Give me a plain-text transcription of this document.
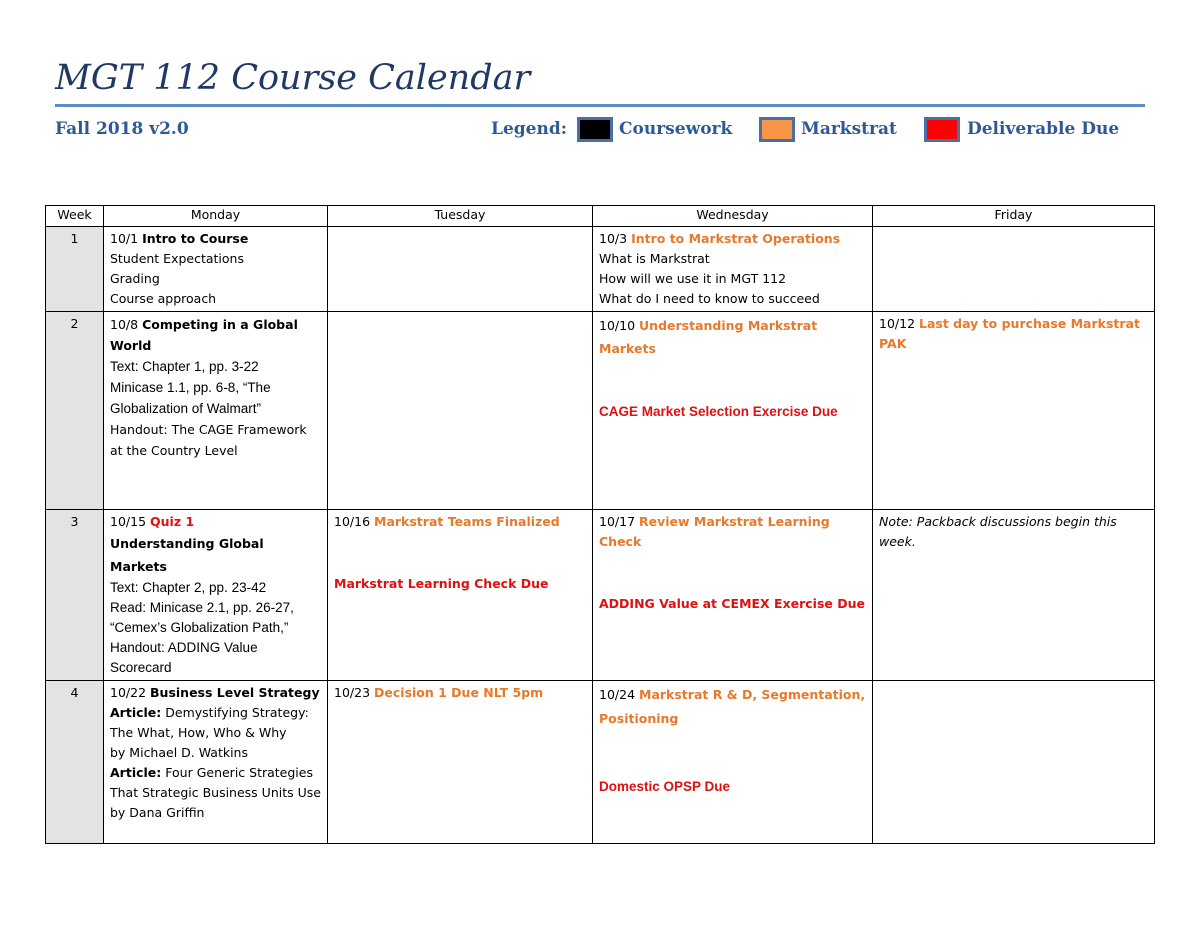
MGT 112 Course Calendar
Fall 2018 v2.0	Legend:	Coursework	Markstrat	Deliverable Due
Week	Monday	Tuesday	Wednesday	Friday
1	10/1 Intro to Course
Student Expectations
Grading
Course approach		10/3 Intro to Markstrat Operations
What is Markstrat
How will we use it in MGT 112
What do I need to know to succeed	

2	10/8 Competing in a Global World
Text: Chapter 1, pp. 3-22
Minicase 1.1, pp. 6-8, “The Globalization of Walmart”
Handout: The CAGE Framework at the Country Level		10/10 Understanding Markstrat Markets
CAGE Market Selection Exercise Due	10/12 Last day to purchase Markstrat PAK
3	10/15 Quiz 1
Understanding Global Markets
Text: Chapter 2, pp. 23-42
Read: Minicase 2.1, pp. 26-27, “Cemex’s Globalization Path,”
Handout: ADDING Value Scorecard	10/16 Markstrat Teams Finalized
Markstrat Learning Check Due	10/17 Review Markstrat Learning Check
ADDING Value at CEMEX Exercise Due	Note: Packback discussions begin this week.
4	10/22 Business Level Strategy
Article: Demystifying Strategy: The What, How, Who & Why
by Michael D. Watkins
Article: Four Generic Strategies That Strategic Business Units Use
by Dana Griffin	10/23 Decision 1 Due NLT 5pm	10/24 Markstrat R & D, Segmentation, Positioning
Domestic OPSP Due	
